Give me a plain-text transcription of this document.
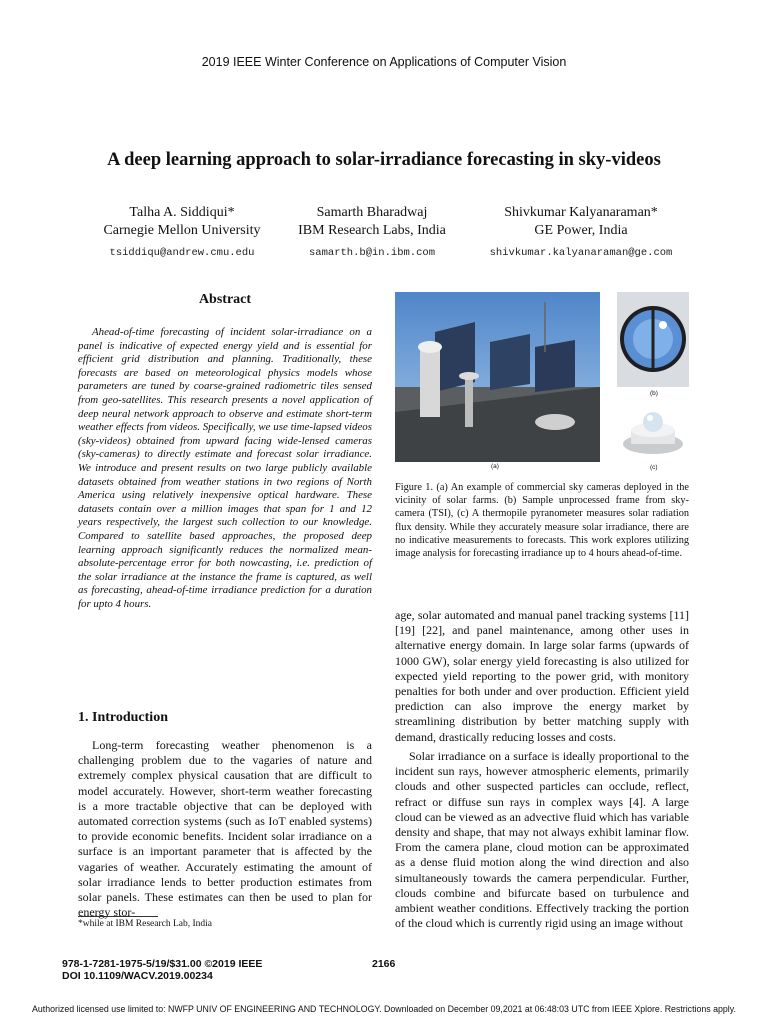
2019 IEEE Winter Conference on Applications of Computer Vision
A deep learning approach to solar-irradiance forecasting in sky-videos
Talha A. Siddiqui*
Carnegie Mellon University
tsiddiqu@andrew.cmu.edu
Samarth Bharadwaj
IBM Research Labs, India
samarth.b@in.ibm.com
Shivkumar Kalyanaraman*
GE Power, India
shivkumar.kalyanaraman@ge.com
Abstract
Ahead-of-time forecasting of incident solar-irradiance on a panel is indicative of expected energy yield and is essential for efficient grid distribution and planning. Traditionally, these forecasts are based on meteorological physics models whose parameters are tuned by coarse-grained radiometric tiles sensed from geo-satellites. This research presents a novel application of deep neural network approach to observe and estimate short-term weather effects from videos. Specifically, we use time-lapsed videos (sky-videos) obtained from upward facing wide-lensed cameras (sky-cameras) to directly estimate and forecast solar irradiance. We introduce and present results on two large publicly available datasets obtained from weather stations in two regions of North America using relatively inexpensive optical hardware. These datasets contain over a million images that span for 1 and 12 years respectively, the largest such collection to our knowledge. Compared to satellite based approaches, the proposed deep learning approach significantly reduces the normalized mean-absolute-percentage error for both nowcasting, i.e. prediction of the solar irradiance at the instance the frame is captured, as well as forecasting, ahead-of-time irradiance prediction for a duration for upto 4 hours.
1. Introduction

Long-term forecasting weather phenomenon is a challenging problem due to the vagaries of nature and extremely complex physical causation that are difficult to model accurately. However, short-term weather forecasting is a more tractable objective that can be deployed with automated correction systems (such as IoT enabled systems) to provide economic benefits. Incident solar irradiance on a surface is an important parameter that is affected by the vagaries of weather. Accurately estimating the amount of solar irradiance lends to better production estimates from solar panels. These estimates can then be used to plan for energy stor-

(a)
(b)
(c)
Figure 1. (a) An example of commercial sky cameras deployed in the vicinity of solar farms. (b) Sample unprocessed frame from sky-camera (TSI), (c) A thermopile pyranometer measures solar radiation flux density. While they accurately measure solar irradiance, there are no indicative measurements to forecasts. This work explores utilizing image analysis for forecasting irradiance up to 4 hours ahead-of-time.

age, solar automated and manual panel tracking systems [11] [19] [22], and panel maintenance, among other uses in alternative energy domain. In large solar farms (upwards of 1000 GW), solar energy yield forecasting is also utilized for expected yield reporting to the power grid, with monitory penalties for both under and over production. Efficient yield prediction can also improve the energy market by streamlining distribution by better matching supply with demand, drastically reducing losses and costs.

Solar irradiance on a surface is ideally proportional to the incident sun rays, however atmospheric elements, primarily clouds and other suspected particles can occlude, reflect, refract or diffuse sun rays in complex ways [4]. A large cloud can be viewed as an advective fluid which has variable density and shape, that may not always exhibit laminar flow. From the camera plane, cloud motion can be approximated as a dense fluid motion along the wind direction and also simultaneously towards the camera perpendicular. Further, clouds combine and bifurcate based on turbulence and ambient weather conditions. Effectively tracking the portion of the cloud which is currently rigid using an image without

*while at IBM Research Lab, India
978-1-7281-1975-5/19/$31.00 ©2019 IEEE
DOI 10.1109/WACV.2019.00234
2166
Authorized licensed use limited to: NWFP UNIV OF ENGINEERING AND TECHNOLOGY. Downloaded on December 09,2021 at 06:48:03 UTC from IEEE Xplore. Restrictions apply.
